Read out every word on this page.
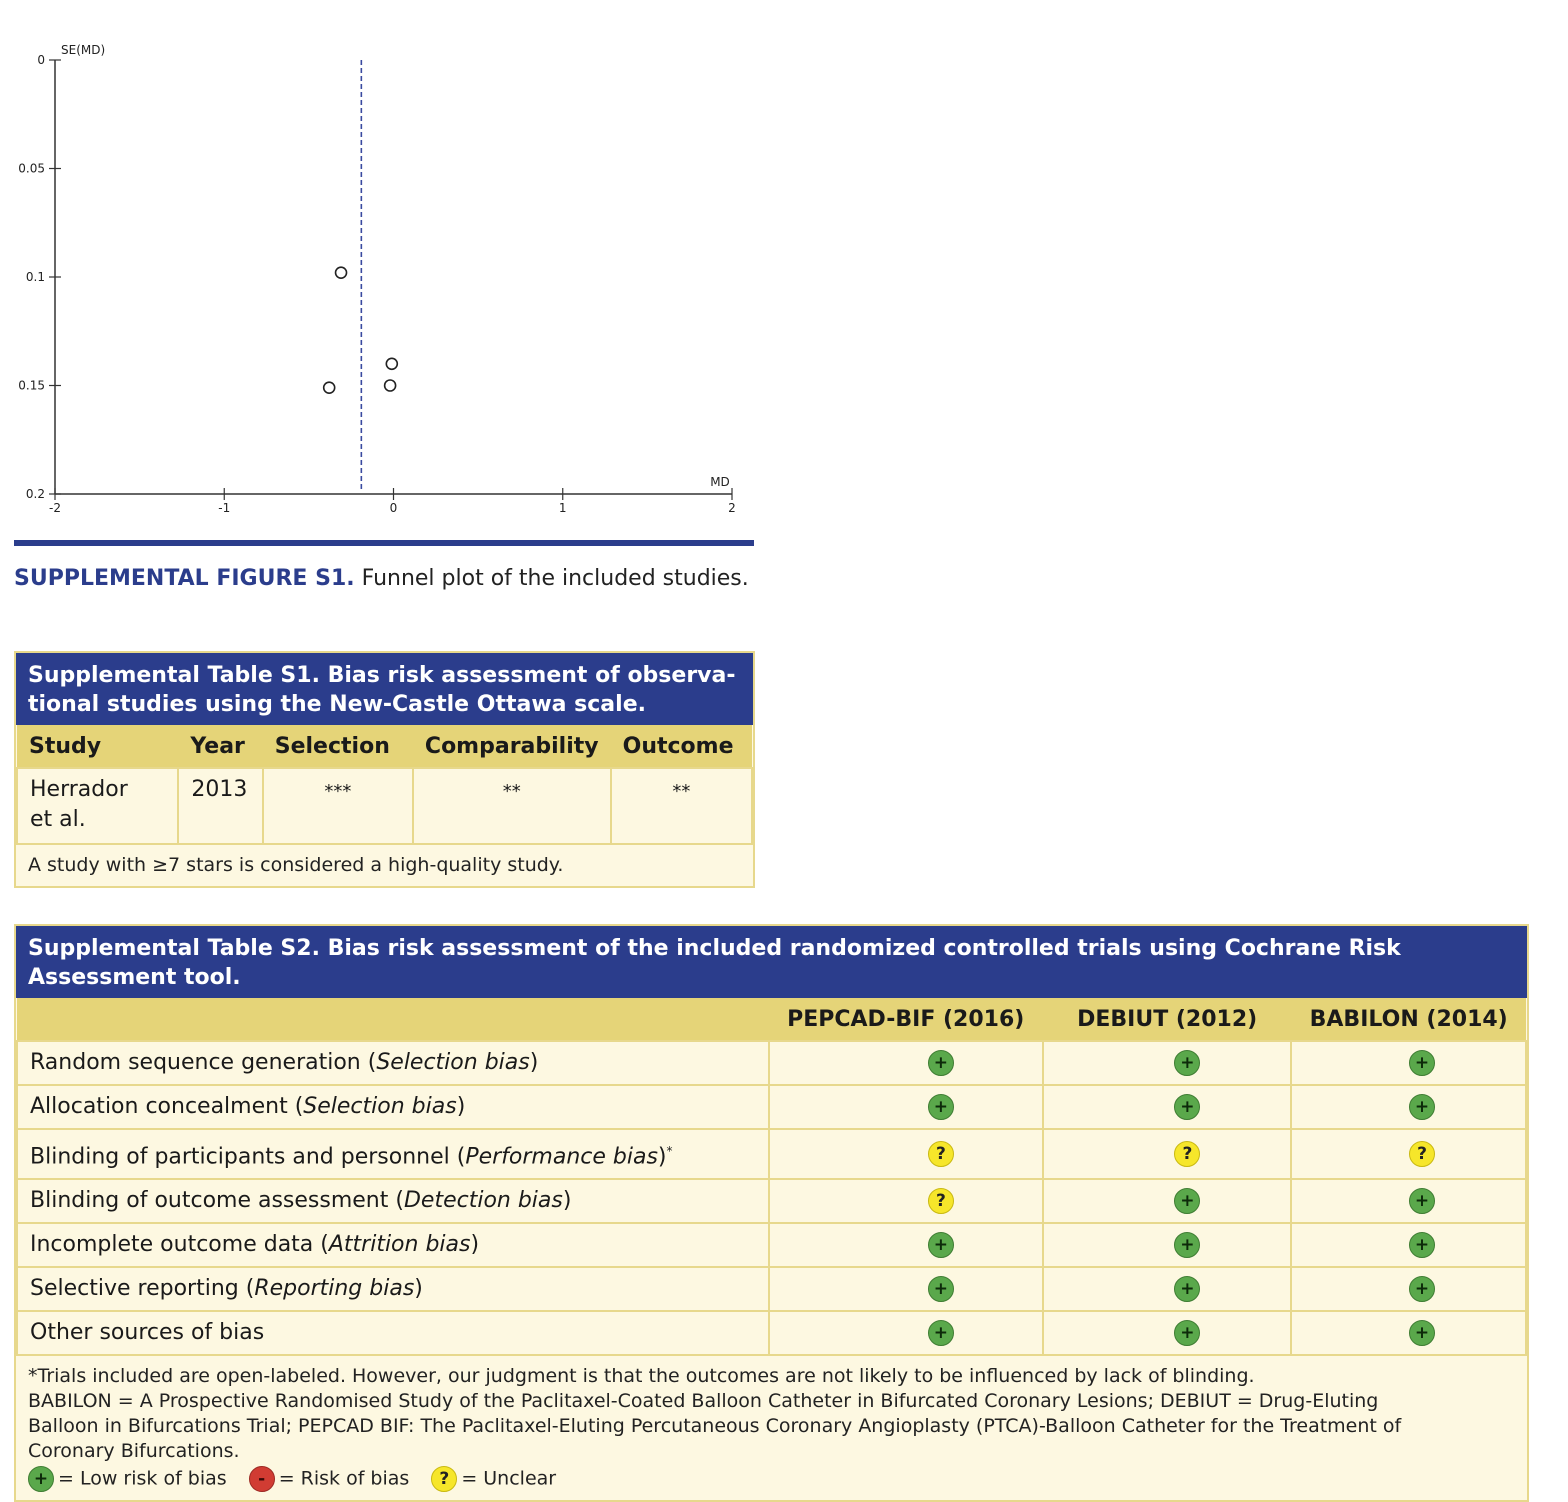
0
0.05
0.1
0.15
0.2
-2	-1	0	1	2
SE(MD)
MD
SUPPLEMENTAL FIGURE S1. Funnel plot of the included studies.
Supplemental Table S1. Bias risk assessment of observa-
tional studies using the New-Castle Ottawa scale.
Study	Year	Selection	Comparability	Outcome

Herrador
et al.	2013	***	**	**
A study with ≥7 stars is considered a high-quality study.
Supplemental Table S2. Bias risk assessment of the included randomized controlled trials using Cochrane Risk Assessment tool.
	PEPCAD-BIF (2016)	DEBIUT (2012)	BABILON (2014)
Random sequence generation (Selection bias)	+	+	+
Allocation concealment (Selection bias)	+	+	+
Blinding of participants and personnel (Performance bias)*	?	?	?
Blinding of outcome assessment (Detection bias)	?	+	+
Incomplete outcome data (Attrition bias)	+	+	+
Selective reporting (Reporting bias)	+	+	+
Other sources of bias	+	+	+
*Trials included are open-labeled. However, our judgment is that the outcomes are not likely to be influenced by lack of blinding.
BABILON = A Prospective Randomised Study of the Paclitaxel-Coated Balloon Catheter in Bifurcated Coronary Lesions; DEBIUT = Drug-Eluting
Balloon in Bifurcations Trial; PEPCAD BIF: The Paclitaxel-Eluting Percutaneous Coronary Angioplasty (PTCA)-Balloon Catheter for the Treatment of
Coronary Bifurcations.
+ = Low risk of bias - = Risk of bias ? = Unclear
